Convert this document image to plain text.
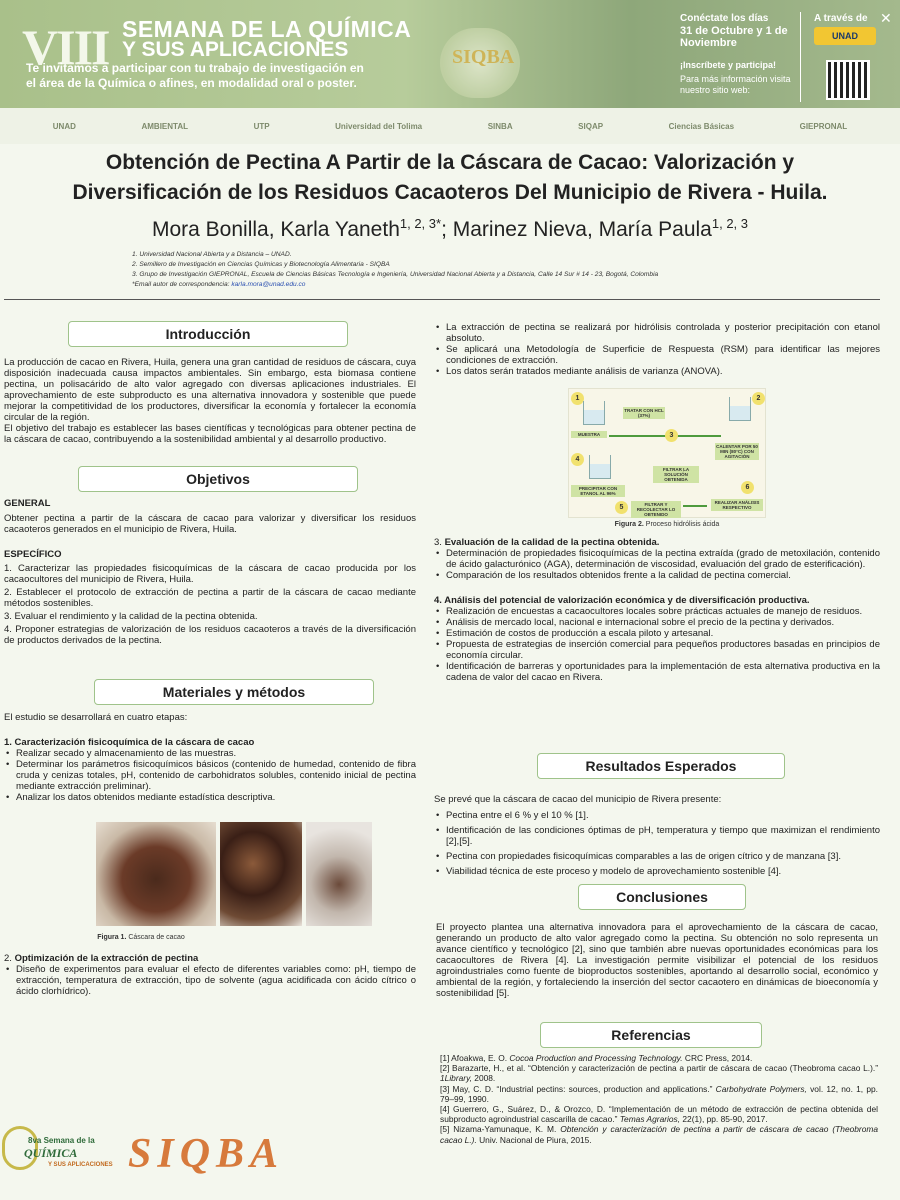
VIII SEMANA DE LA QUÍMICA
Y SUS APLICACIONES
Te invitamos a participar con tu trabajo de investigación en
el área de la Química o afines, en modalidad oral o poster.
SIQBA
Conéctate los días
31 de Octubre y 1 de Noviembre
¡Inscríbete y participa!
Para más información visita nuestro sitio web:
A través de
UNAD
✕
UNAD	AMBIENTAL	UTP	Universidad del Tolima	SINBA	SIQAP	Ciencias Básicas	GIEPRONAL
Obtención de Pectina A Partir de la Cáscara de Cacao: Valorización y Diversificación de los Residuos Cacaoteros Del Municipio de Rivera - Huila.
Mora Bonilla, Karla Yaneth$^{1, 2, 3*}$; Marinez Nieva, María Paula$^{1, 2, 3}$
1. Universidad Nacional Abierta y a Distancia – UNAD.
2. Semillero de Investigación en Ciencias Químicas y Biotecnología Alimentaria - SIQBA
3. Grupo de Investigación GIEPRONAL, Escuela de Ciencias Básicas Tecnología e Ingeniería, Universidad Nacional Abierta y a Distancia, Calle 14 Sur # 14 - 23, Bogotá, Colombia
*Email autor de correspondencia: karla.mora@unad.edu.co
Introducción

La producción de cacao en Rivera, Huila, genera una gran cantidad de residuos de cáscara, cuya disposición inadecuada causa impactos ambientales. Sin embargo, esta biomasa contiene pectina, un polisacárido de alto valor agregado con diversas aplicaciones industriales. El aprovechamiento de este subproducto es una alternativa innovadora y sostenible que puede mejorar la competitividad de los productores, diversificar la economía y fortalecer la economía circular de la región.

El objetivo del trabajo es establecer las bases científicas y tecnológicas para obtener pectina de la cáscara de cacao, contribuyendo a la sostenibilidad ambiental y al desarrollo productivo.

Objetivos

GENERAL

Obtener pectina a partir de la cáscara de cacao para valorizar y diversificar los residuos cacaoteros generados en el municipio de Rivera, Huila.

ESPECÍFICO

1. Caracterizar las propiedades fisicoquímicas de la cáscara de cacao producida por los cacaocultores del municipio de Rivera, Huila.

2. Establecer el protocolo de extracción de pectina a partir de la cáscara de cacao mediante métodos sostenibles.

3. Evaluar el rendimiento y la calidad de la pectina obtenida.

4. Proponer estrategias de valorización de los residuos cacaoteros a través de la diversificación de productos derivados de la pectina.

Materiales y métodos

El estudio se desarrollará en cuatro etapas:

1. Caracterización fisicoquímica de la cáscara de cacao

• Realizar secado y almacenamiento de las muestras.
• Determinar los parámetros fisicoquímicos básicos (contenido de humedad, contenido de fibra cruda y cenizas totales, pH, contenido de carbohidratos solubles, contenido inicial de pectina mediante extracción preliminar).
• Analizar los datos obtenidos mediante estadística descriptiva.
Figura 1. Cáscara de cacao

2. Optimización de la extracción de pectina

• Diseño de experimentos para evaluar el efecto de diferentes variables como: pH, tiempo de extracción, temperatura de extracción, tipo de solvente (agua acidificada con ácido cítrico o ácido clorhídrico).
• La extracción de pectina se realizará por hidrólisis controlada y posterior precipitación con etanol absoluto.
• Se aplicará una Metodología de Superficie de Respuesta (RSM) para identificar las mejores condiciones de extracción.
• Los datos serán tratados mediante análisis de varianza (ANOVA).
1
MUESTRA
TRATAR CON HCL (37%)
2
CALENTAR POR 50 MIN (80°C) CON AGITACIÓN
3
FILTRAR LA SOLUCIÓN OBTENIDA
4
PRECIPITAR CON ETANOL AL 96%
6
5	FILTRAR Y RECOLECTAR LO OBTENIDO
REALIZAR ANÁLISIS RESPECTIVO
Figura 2. Proceso hidrólisis ácida

3. Evaluación de la calidad de la pectina obtenida.

• Determinación de propiedades fisicoquímicas de la pectina extraída (grado de metoxilación, contenido de ácido galacturónico (AGA), determinación de viscosidad, evaluación del grado de esterificación).
• Comparación de los resultados obtenidos frente a la calidad de pectina comercial.

4. Análisis del potencial de valorización económica y de diversificación productiva.

• Realización de encuestas a cacaocultores locales sobre prácticas actuales de manejo de residuos.
• Análisis de mercado local, nacional e internacional sobre el precio de la pectina y derivados.
• Estimación de costos de producción a escala piloto y artesanal.
• Propuesta de estrategias de inserción comercial para pequeños productores basadas en principios de economía circular.
• Identificación de barreras y oportunidades para la implementación de esta alternativa productiva en la cadena de valor del cacao en Rivera.
Resultados Esperados

Se prevé que la cáscara de cacao del municipio de Rivera presente:

• Pectina entre el 6 % y el 10 % [1].
• Identificación de las condiciones óptimas de pH, temperatura y tiempo que maximizan el rendimiento [2],[5].
• Pectina con propiedades fisicoquímicas comparables a las de origen cítrico y de manzana [3].
• Viabilidad técnica de este proceso y modelo de aprovechamiento sostenible [4].
Conclusiones
El proyecto plantea una alternativa innovadora para el aprovechamiento de la cáscara de cacao, generando un producto de alto valor agregado como la pectina. Su obtención no solo representa un avance científico y tecnológico [2], sino que también abre nuevas oportunidades económicas para los cacaocultores de Rivera [4]. La investigación permite visibilizar el potencial de los residuos agroindustriales como fuente de bioproductos sostenibles, aportando al desarrollo social, económico y ambiental de la región, y fortaleciendo la inserción del sector cacaotero en dinámicas de bioeconomía y sostenibilidad [5].
Referencias

[1] Afoakwa, E. O. Cocoa Production and Processing Technology. CRC Press, 2014.

[2] Barazarte, H., et al. “Obtención y caracterización de pectina a partir de cáscara de cacao (Theobroma cacao L.).” 1Library, 2008.

[3] May, C. D. “Industrial pectins: sources, production and applications.” Carbohydrate Polymers, vol. 12, no. 1, pp. 79–99, 1990.

[4] Guerrero, G., Suárez, D., & Orozco, D. “Implementación de un método de extracción de pectina obtenida del subproducto agroindustrial cascarilla de cacao.” Temas Agrarios, 22(1), pp. 85-90, 2017.

[5] Nizama-Yamunaque, K. M. Obtención y caracterización de pectina a partir de cáscara de cacao (Theobroma cacao L.). Univ. Nacional de Piura, 2015.

8va Semana de la
QUÍMICA
Y SUS APLICACIONES SIQBA
